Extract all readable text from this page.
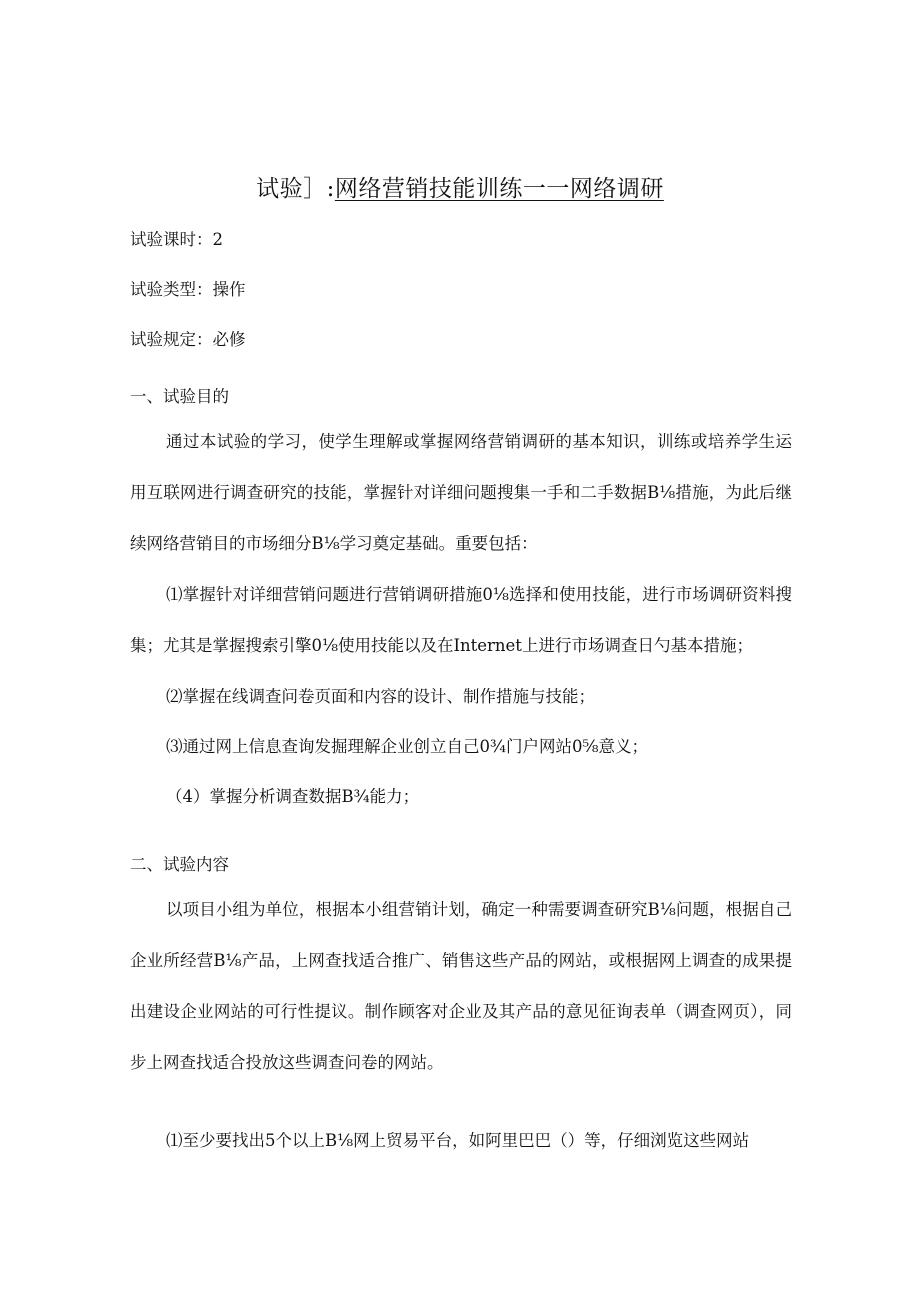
试验］:网络营销技能训练一一网络调研
试验课时：2
试验类型：操作
试验规定：必修
一、试验目的
通过本试验的学习，使学生理解或掌握网络营销调研的基本知识，训练或培养学生运用互联网进行调查研究的技能，掌握针对详细问题搜集一手和二手数据B⅛措施，为此后继续网络营销目的市场细分B⅛学习奠定基础。重要包括：
⑴掌握针对详细营销问题进行营销调研措施0⅛选择和使用技能，进行市场调研资料搜集；尤其是掌握搜索引擎0⅛使用技能以及在Internet上进行市场调查日勺基本措施；
⑵掌握在线调查问卷页面和内容的设计、制作措施与技能；
⑶通过网上信息查询发掘理解企业创立自己0¾门户网站0⅝意义；
（4）掌握分析调查数据B¾能力；
二、试验内容
以项目小组为单位，根据本小组营销计划，确定一种需要调查研究B⅛问题，根据自己企业所经营B⅛产品，上网查找适合推广、销售这些产品的网站，或根据网上调查的成果提出建设企业网站的可行性提议。制作顾客对企业及其产品的意见征询表单（调查网页），同步上网查找适合投放这些调查问卷的网站。
⑴至少要找出5个以上B⅛网上贸易平台，如阿里巴巴（）等，仔细浏览这些网站
